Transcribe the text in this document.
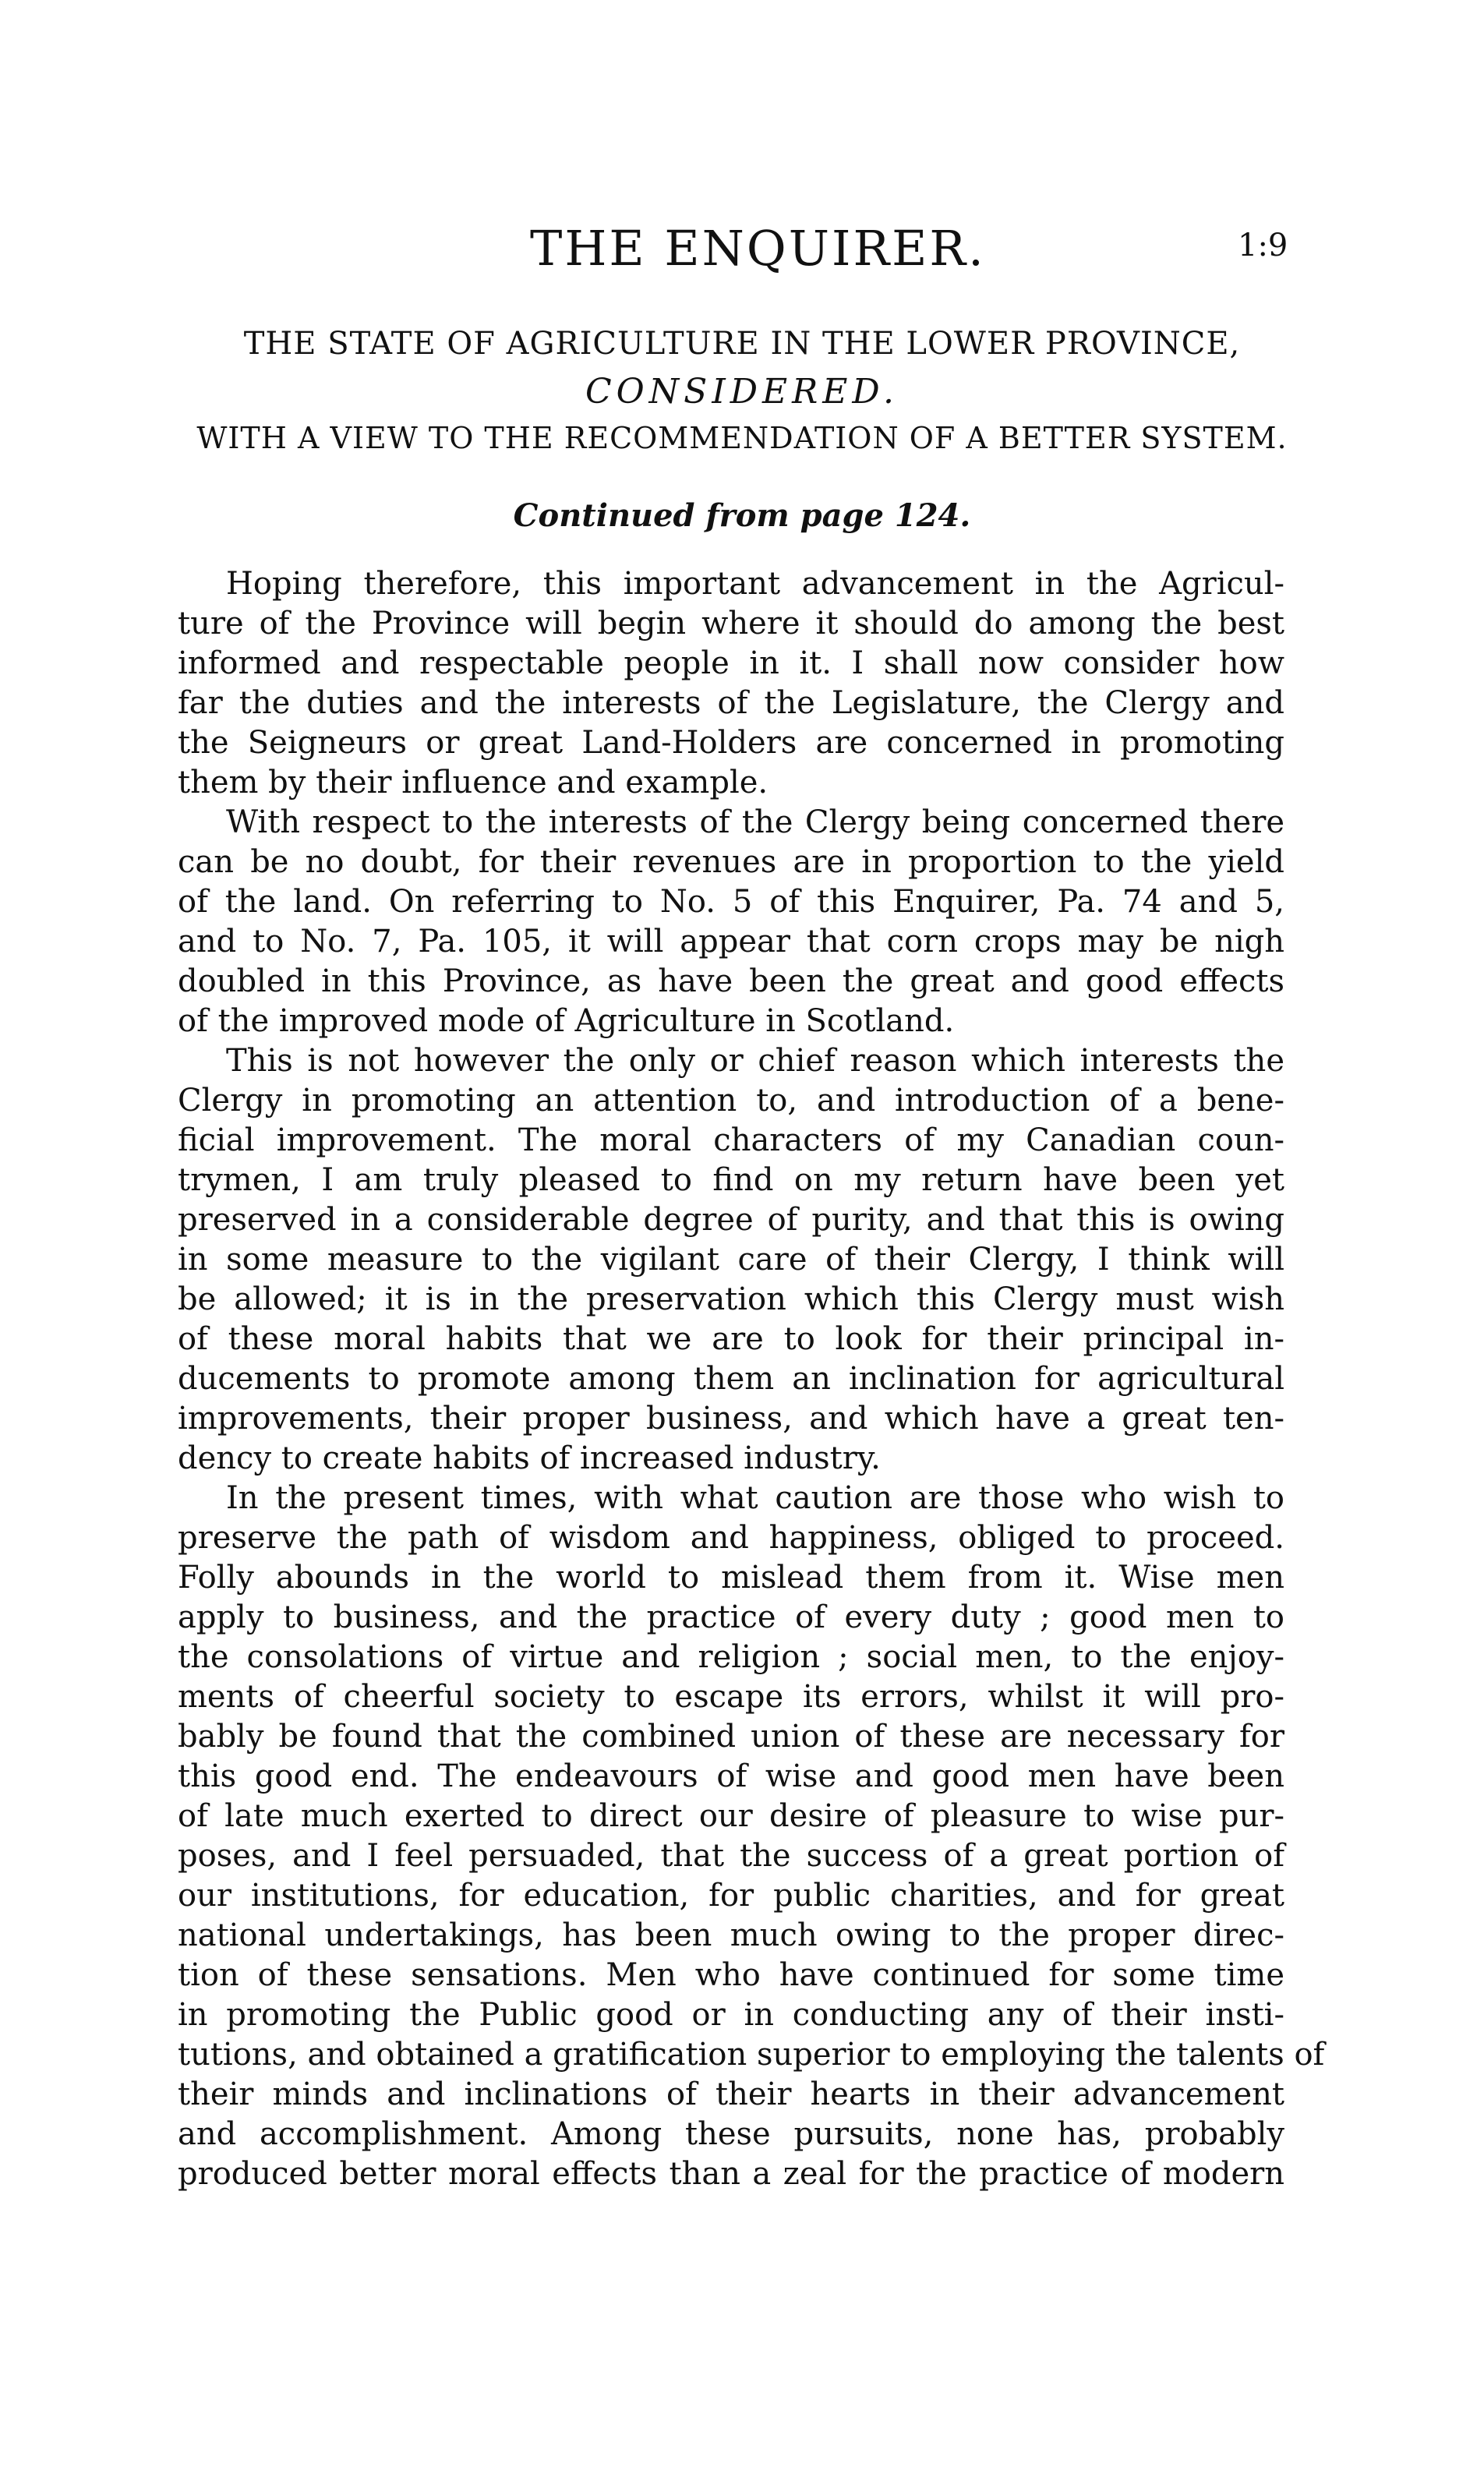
THE ENQUIRER.	1:9
THE STATE OF AGRICULTURE IN THE LOWER PROVINCE,
CONSIDERED.
WITH A VIEW TO THE RECOMMENDATION OF A BETTER SYSTEM.
Continued from page 124.
Hoping therefore, this important advancement in the Agricul-
ture of the Province will begin where it should do among the best
informed and respectable people in it. I shall now consider how
far the duties and the interests of the Legislature, the Clergy and
the Seigneurs or great Land-Holders are concerned in promoting
them by their influence and example.
With respect to the interests of the Clergy being concerned there
can be no doubt, for their revenues are in proportion to the yield
of the land. On referring to No. 5 of this Enquirer, Pa. 74 and 5,
and to No. 7, Pa. 105, it will appear that corn crops may be nigh
doubled in this Province, as have been the great and good effects
of the improved mode of Agriculture in Scotland.
This is not however the only or chief reason which interests the
Clergy in promoting an attention to, and introduction of a bene-
ficial improvement. The moral characters of my Canadian coun-
trymen, I am truly pleased to find on my return have been yet
preserved in a considerable degree of purity, and that this is owing
in some measure to the vigilant care of their Clergy, I think will
be allowed; it is in the preservation which this Clergy must wish
of these moral habits that we are to look for their principal in-
ducements to promote among them an inclination for agricultural
improvements, their proper business, and which have a great ten-
dency to create habits of increased industry.
In the present times, with what caution are those who wish to
preserve the path of wisdom and happiness, obliged to proceed.
Folly abounds in the world to mislead them from it. Wise men
apply to business, and the practice of every duty ; good men to
the consolations of virtue and religion ; social men, to the enjoy-
ments of cheerful society to escape its errors, whilst it will pro-
bably be found that the combined union of these are necessary for
this good end. The endeavours of wise and good men have been
of late much exerted to direct our desire of pleasure to wise pur-
poses, and I feel persuaded, that the success of a great portion of
our institutions, for education, for public charities, and for great
national undertakings, has been much owing to the proper direc-
tion of these sensations. Men who have continued for some time
in promoting the Public good or in conducting any of their insti-
tutions, and obtained a gratification superior to employing the talents of
their minds and inclinations of their hearts in their advancement
and accomplishment. Among these pursuits, none has, probably
produced better moral effects than a zeal for the practice of modern
